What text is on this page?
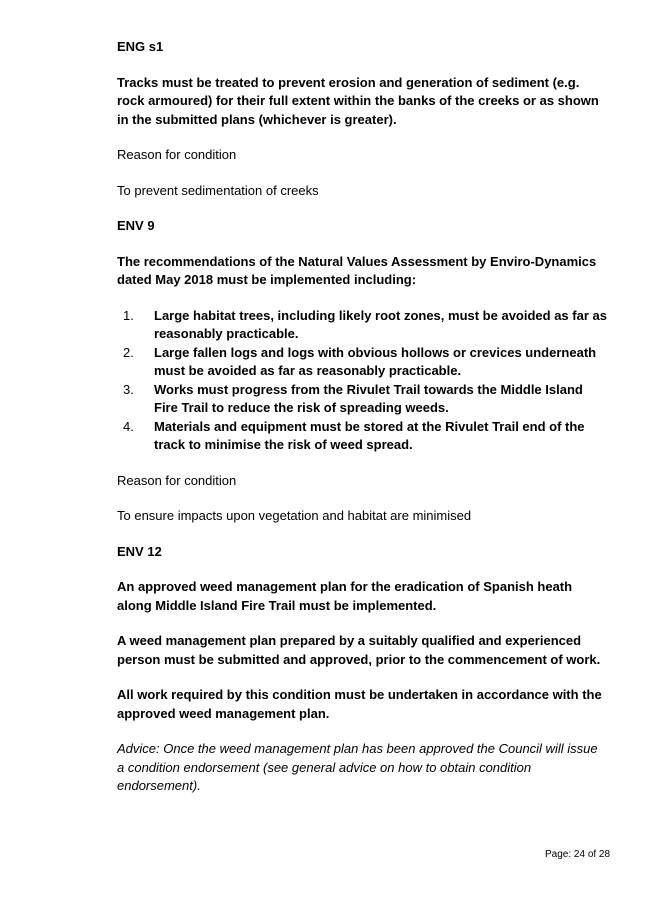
ENG s1

Tracks must be treated to prevent erosion and generation of sediment (e.g. rock armoured) for their full extent within the banks of the creeks or as shown in the submitted plans (whichever is greater).

Reason for condition

To prevent sedimentation of creeks

ENV 9

The recommendations of the Natural Values Assessment by Enviro-Dynamics dated May 2018 must be implemented including:

1. Large habitat trees, including likely root zones, must be avoided as far as reasonably practicable.
2. Large fallen logs and logs with obvious hollows or crevices underneath must be avoided as far as reasonably practicable.
3. Works must progress from the Rivulet Trail towards the Middle Island Fire Trail to reduce the risk of spreading weeds.
4. Materials and equipment must be stored at the Rivulet Trail end of the track to minimise the risk of weed spread.

Reason for condition

To ensure impacts upon vegetation and habitat are minimised

ENV 12

An approved weed management plan for the eradication of Spanish heath along Middle Island Fire Trail must be implemented.

A weed management plan prepared by a suitably qualified and experienced person must be submitted and approved, prior to the commencement of work.

All work required by this condition must be undertaken in accordance with the approved weed management plan.

Advice: Once the weed management plan has been approved the Council will issue a condition endorsement (see general advice on how to obtain condition endorsement).

Page: 24 of 28
